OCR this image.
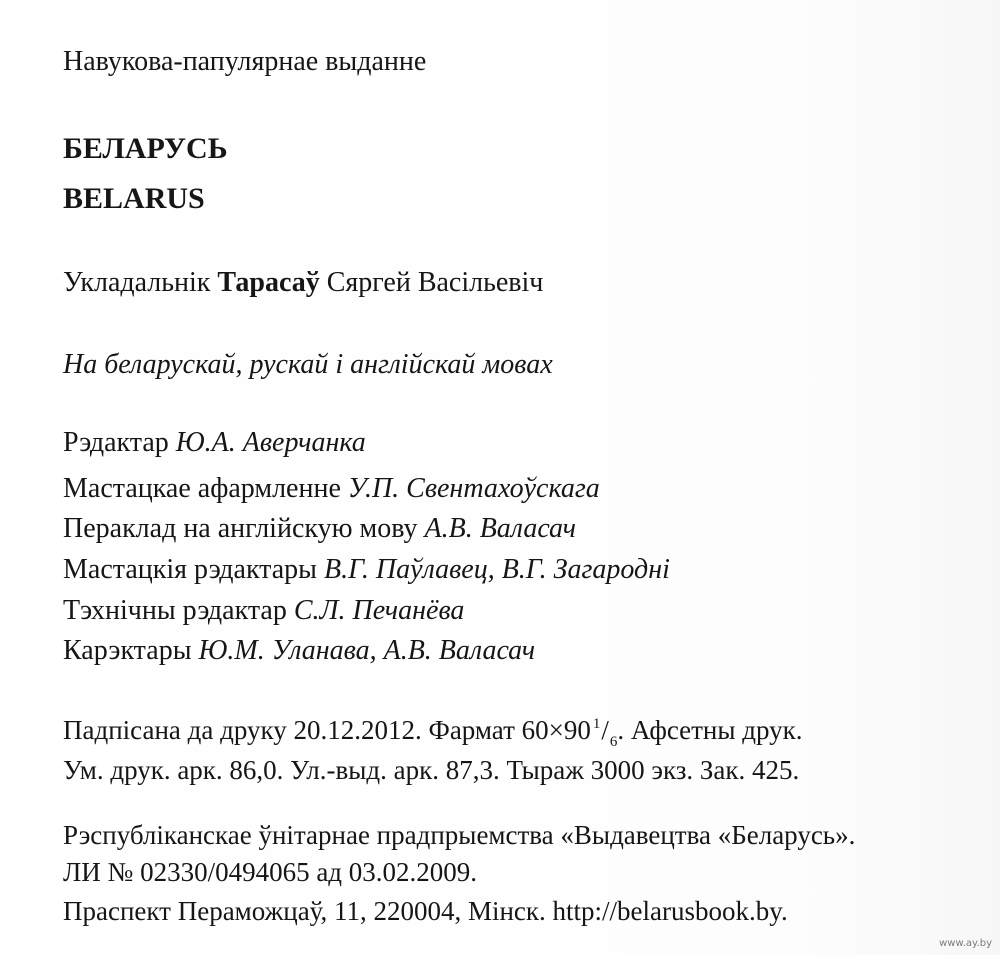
Навукова-папулярнае выданне

БЕЛАРУСЬ

BELARUS

Укладальнік Тарасаў Сяргей Васільевіч

На беларускай, рускай і англійскай мовах

Рэдактар Ю.А. Аверчанка

Мастацкае афармленне У.П. Свентахоўскага

Пераклад на англійскую мову А.В. Валасач

Мастацкія рэдактары В.Г. Паўлавец, В.Г. Загародні

Тэхнічны рэдактар С.Л. Печанёва

Карэктары Ю.М. Уланава, А.В. Валасач

Падпісана да друку 20.12.2012. Фармат 60×90 $^1/_6$. Афсетны друк.

Ум. друк. арк. 86,0. Ул.-выд. арк. 87,3. Тыраж 3000 экз. Зак. 425.

Рэспубліканскае ўнітарнае прадпрыемства «Выдавецтва «Беларусь».

ЛИ № 02330/0494065 ад 03.02.2009.

Праспект Пераможцаў, 11, 220004, Мінск. http://belarusbook.by.

www.ay.by
